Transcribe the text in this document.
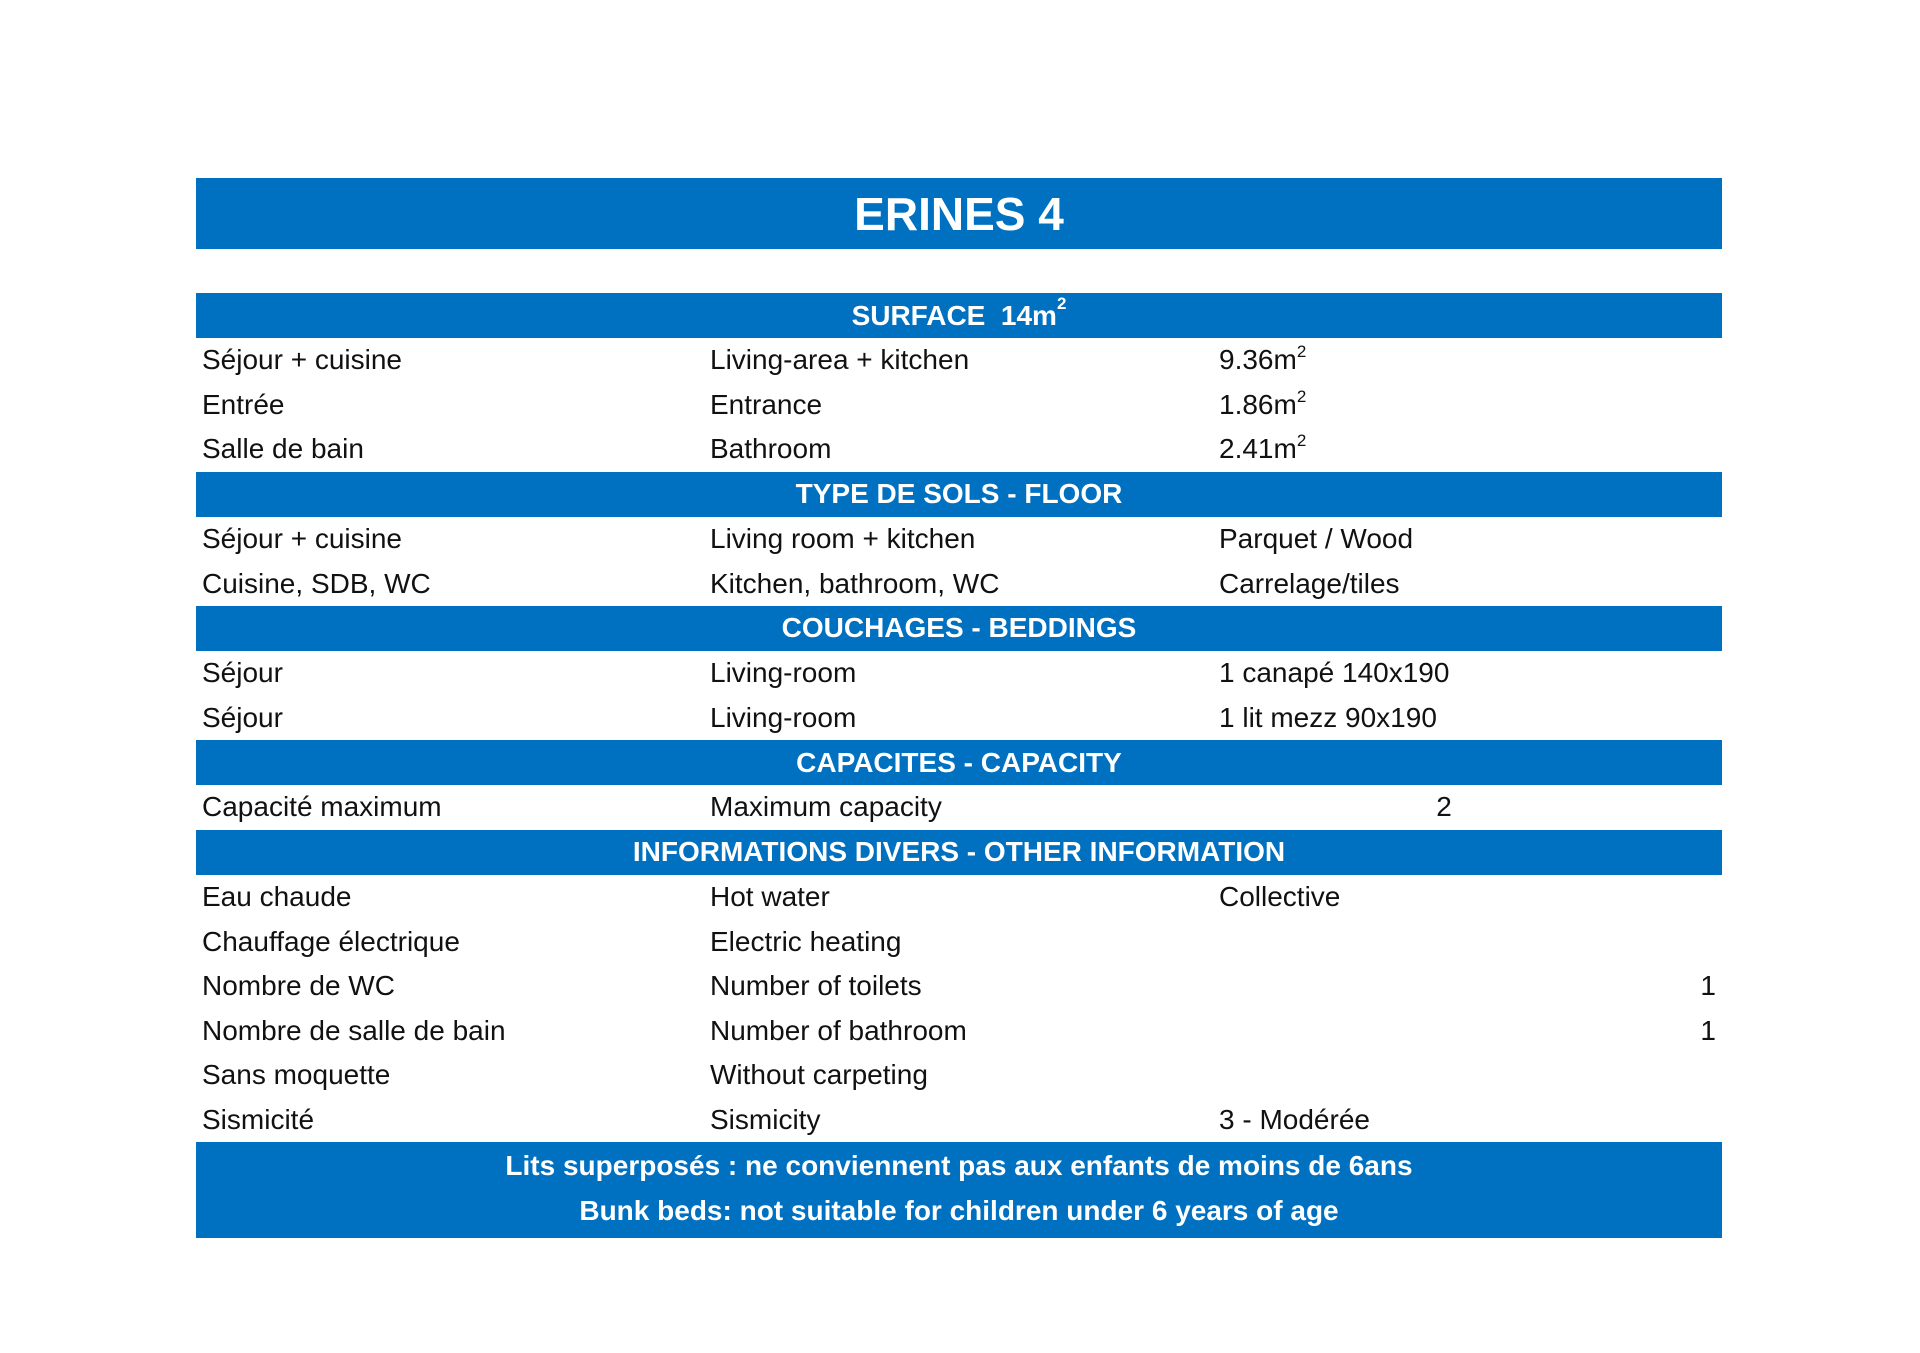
ERINES 4
SURFACE  $14m^2$
Séjour + cuisine	Living-area + kitchen	$9.36m^2$
Entrée	Entrance	$1.86m^2$
Salle de bain	Bathroom	$2.41m^2$
TYPE DE SOLS - FLOOR
Séjour + cuisine	Living room + kitchen	Parquet / Wood
Cuisine, SDB, WC	Kitchen, bathroom, WC	Carrelage/tiles
COUCHAGES - BEDDINGS
Séjour	Living-room	1 canapé 140x190
Séjour	Living-room	1 lit mezz 90x190
CAPACITES - CAPACITY
Capacité maximum	Maximum capacity	2
INFORMATIONS DIVERS - OTHER INFORMATION
Eau chaude	Hot water	Collective
Chauffage électrique	Electric heating
Nombre de WC	Number of toilets	1
Nombre de salle de bain	Number of bathroom	1
Sans moquette	Without carpeting
Sismicité	Sismicity	3 - Modérée
Lits superposés : ne conviennent pas aux enfants de moins de 6ans
Bunk beds: not suitable for children under 6 years of age
